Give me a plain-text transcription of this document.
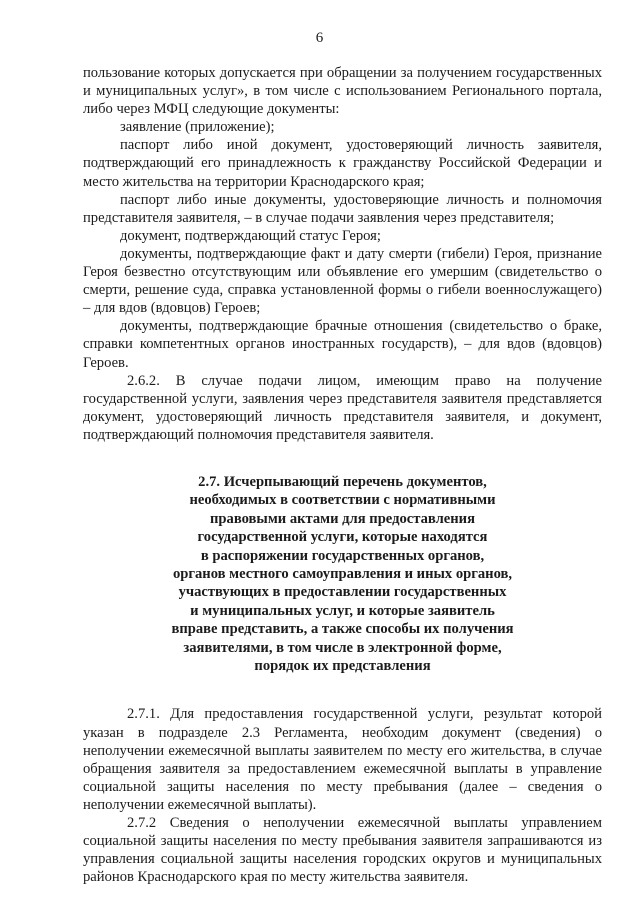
6

пользование которых допускается при обращении за получением государственных и муниципальных услуг», в том числе с использованием Регионального портала, либо через МФЦ следующие документы:

заявление (приложение);

паспорт либо иной документ, удостоверяющий личность заявителя, подтверждающий его принадлежность к гражданству Российской Федерации и место жительства на территории Краснодарского края;

паспорт либо иные документы, удостоверяющие личность и полномочия представителя заявителя, – в случае подачи заявления через представителя;

документ, подтверждающий статус Героя;

документы, подтверждающие факт и дату смерти (гибели) Героя, признание Героя безвестно отсутствующим или объявление его умершим (свидетельство о смерти, решение суда, справка установленной формы о гибели военнослужащего) – для вдов (вдовцов) Героев;

документы, подтверждающие брачные отношения (свидетельство о браке, справки компетентных органов иностранных государств), – для вдов (вдовцов) Героев.

2.6.2. В случае подачи лицом, имеющим право на получение государственной услуги, заявления через представителя заявителя представляется документ, удостоверяющий личность представителя заявителя, и документ, подтверждающий полномочия представителя заявителя.

2.7. Исчерпывающий перечень документов,
необходимых в соответствии с нормативными
правовыми актами для предоставления
государственной услуги, которые находятся
в распоряжении государственных органов,
органов местного самоуправления и иных органов,
участвующих в предоставлении государственных
и муниципальных услуг, и которые заявитель
вправе представить, а также способы их получения
заявителями, в том числе в электронной форме,
порядок их представления

2.7.1. Для предоставления государственной услуги, результат которой указан в подразделе 2.3 Регламента, необходим документ (сведения) о неполучении ежемесячной выплаты заявителем по месту его жительства, в случае обращения заявителя за предоставлением ежемесячной выплаты в управление социальной защиты населения по месту пребывания (далее – сведения о неполучении ежемесячной выплаты).

2.7.2 Сведения о неполучении ежемесячной выплаты управлением социальной защиты населения по месту пребывания заявителя запрашиваются из управления социальной защиты населения городских округов и муниципальных районов Краснодарского края по месту жительства заявителя.
